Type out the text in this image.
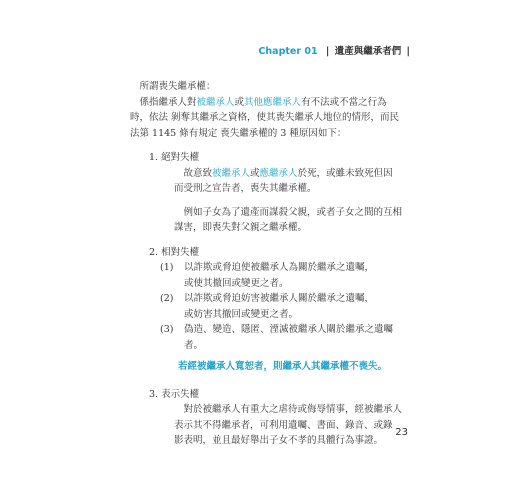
Chapter 01 | 遺產與繼承者們 |

所謂喪失繼承權：

係指繼承人對被繼承人或其他應繼承人有不法或不當之行為時，依法 剝奪其繼承之資格，使其喪失繼承人地位的情形，而民法第 1145 條有規定 喪失繼承權的 3 種原因如下：

1. 絕對失權

故意致被繼承人或應繼承人於死，或雖未致死但因而受刑之宣告者，喪失其繼承權。

例如子女為了遺產而謀殺父親，或者子女之間的互相謀害，即喪失對父親之繼承權。

2. 相對失權

(1)	以詐欺或脅迫使被繼承人為關於繼承之遺囑，

或使其撤回或變更之者。

(2)	以詐欺或脅迫妨害被繼承人關於繼承之遺囑，

或妨害其撤回或變更之者。

(3)	偽造、變造、隱匿、湮滅被繼承人關於繼承之遺囑者。

若經被繼承人寬恕者，則繼承人其繼承權不喪失。

3. 表示失權

對於被繼承人有重大之虐待或侮辱情事，經被繼承人表示其不得繼承者，可利用遺囑、書面、錄音、或錄影表明，並且最好舉出子女不孝的具體行為事證。

23
